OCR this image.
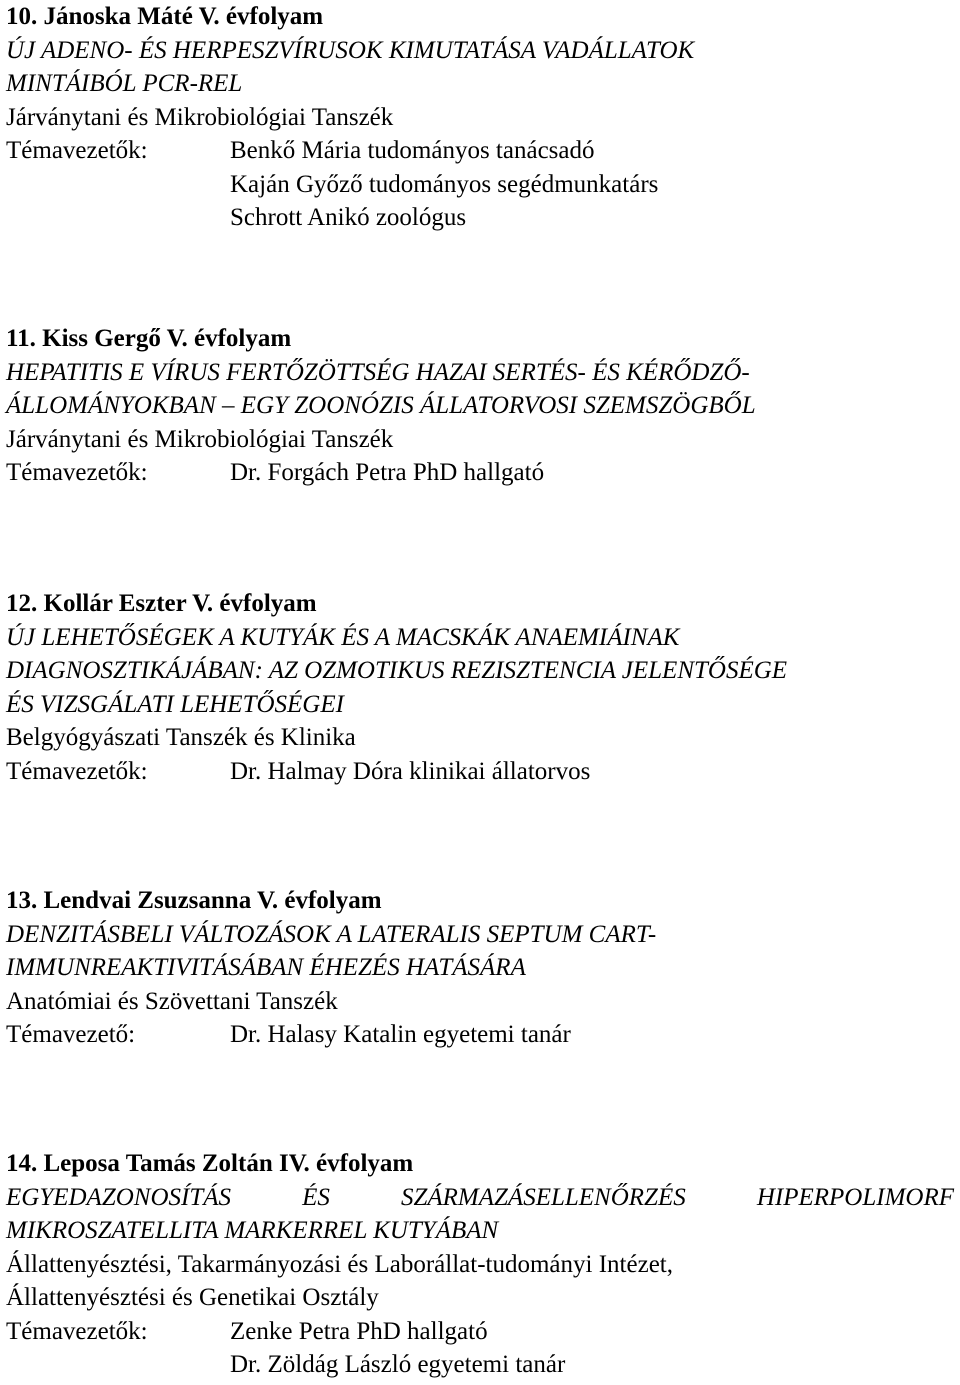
10. Jánoska Máté V. évfolyam
ÚJ ADENO- ÉS HERPESZVÍRUSOK KIMUTATÁSA VADÁLLATOK
MINTÁIBÓL PCR-REL
Járványtani és Mikrobiológiai Tanszék
Témavezetők:	Benkő Mária tudományos tanácsadó
Kaján Győző tudományos segédmunkatárs
Schrott Anikó zoológus
11. Kiss Gergő V. évfolyam
HEPATITIS E VÍRUS FERTŐZÖTTSÉG HAZAI SERTÉS- ÉS KÉRŐDZŐ-
ÁLLOMÁNYOKBAN – EGY ZOONÓZIS ÁLLATORVOSI SZEMSZÖGBŐL
Járványtani és Mikrobiológiai Tanszék
Témavezetők:	Dr. Forgách Petra PhD hallgató
12. Kollár Eszter V. évfolyam
ÚJ LEHETŐSÉGEK A KUTYÁK ÉS A MACSKÁK ANAEMIÁINAK
DIAGNOSZTIKÁJÁBAN: AZ OZMOTIKUS REZISZTENCIA JELENTŐSÉGE
ÉS VIZSGÁLATI LEHETŐSÉGEI
Belgyógyászati Tanszék és Klinika
Témavezetők:	Dr. Halmay Dóra klinikai állatorvos
13. Lendvai Zsuzsanna V. évfolyam
DENZITÁSBELI VÁLTOZÁSOK A LATERALIS SEPTUM CART-
IMMUNREAKTIVITÁSÁBAN ÉHEZÉS HATÁSÁRA
Anatómiai és Szövettani Tanszék
Témavezető:	Dr. Halasy Katalin egyetemi tanár
14. Leposa Tamás Zoltán IV. évfolyam
EGYEDAZONOSÍTÁS	ÉS	SZÁRMAZÁSELLENŐRZÉS	HIPERPOLIMORF
MIKROSZATELLITA MARKERREL KUTYÁBAN
Állattenyésztési, Takarmányozási és Laborállat-tudományi Intézet,
Állattenyésztési és Genetikai Osztály
Témavezetők:	Zenke Petra PhD hallgató
Dr. Zöldág László egyetemi tanár
